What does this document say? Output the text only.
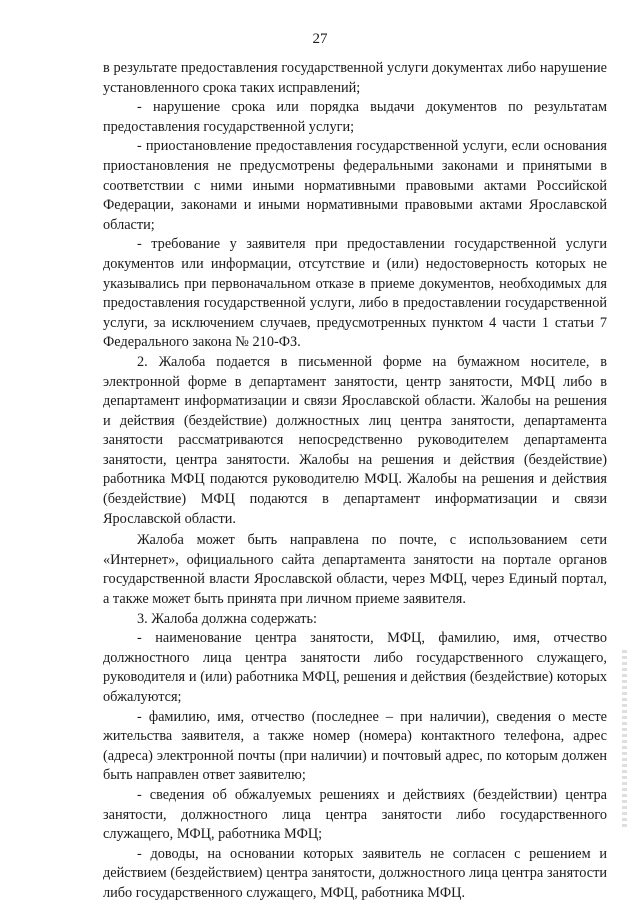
27

в результате предоставления государственной услуги документах либо нарушение установленного срока таких исправлений;

- нарушение срока или порядка выдачи документов по результатам предоставления государственной услуги;

- приостановление предоставления государственной услуги, если основания приостановления не предусмотрены федеральными законами и принятыми в соответствии с ними иными нормативными правовыми актами Российской Федерации, законами и иными нормативными правовыми актами Ярославской области;

- требование у заявителя при предоставлении государственной услуги документов или информации, отсутствие и (или) недостоверность которых не указывались при первоначальном отказе в приеме документов, необходимых для предоставления государственной услуги, либо в предоставлении государственной услуги, за исключением случаев, предусмотренных пунктом 4 части 1 статьи 7 Федерального закона № 210-ФЗ.

2. Жалоба подается в письменной форме на бумажном носителе, в электронной форме в департамент занятости, центр занятости, МФЦ либо в департамент информатизации и связи Ярославской области. Жалобы на решения и действия (бездействие) должностных лиц центра занятости, департамента занятости рассматриваются непосредственно руководителем департамента занятости, центра занятости. Жалобы на решения и действия (бездействие) работника МФЦ подаются руководителю МФЦ. Жалобы на решения и действия (бездействие) МФЦ подаются в департамент информатизации и связи Ярославской области.

Жалоба может быть направлена по почте, с использованием сети «Интернет», официального сайта департамента занятости на портале органов государственной власти Ярославской области, через МФЦ, через Единый портал, а также может быть принята при личном приеме заявителя.

3. Жалоба должна содержать:

- наименование центра занятости, МФЦ, фамилию, имя, отчество должностного лица центра занятости либо государственного служащего, руководителя и (или) работника МФЦ, решения и действия (бездействие) которых обжалуются;

- фамилию, имя, отчество (последнее – при наличии), сведения о месте жительства заявителя, а также номер (номера) контактного телефона, адрес (адреса) электронной почты (при наличии) и почтовый адрес, по которым должен быть направлен ответ заявителю;

- сведения об обжалуемых решениях и действиях (бездействии) центра занятости, должностного лица центра занятости либо государственного служащего, МФЦ, работника МФЦ;

- доводы, на основании которых заявитель не согласен с решением и действием (бездействием) центра занятости, должностного лица центра занятости либо государственного служащего, МФЦ, работника МФЦ.
